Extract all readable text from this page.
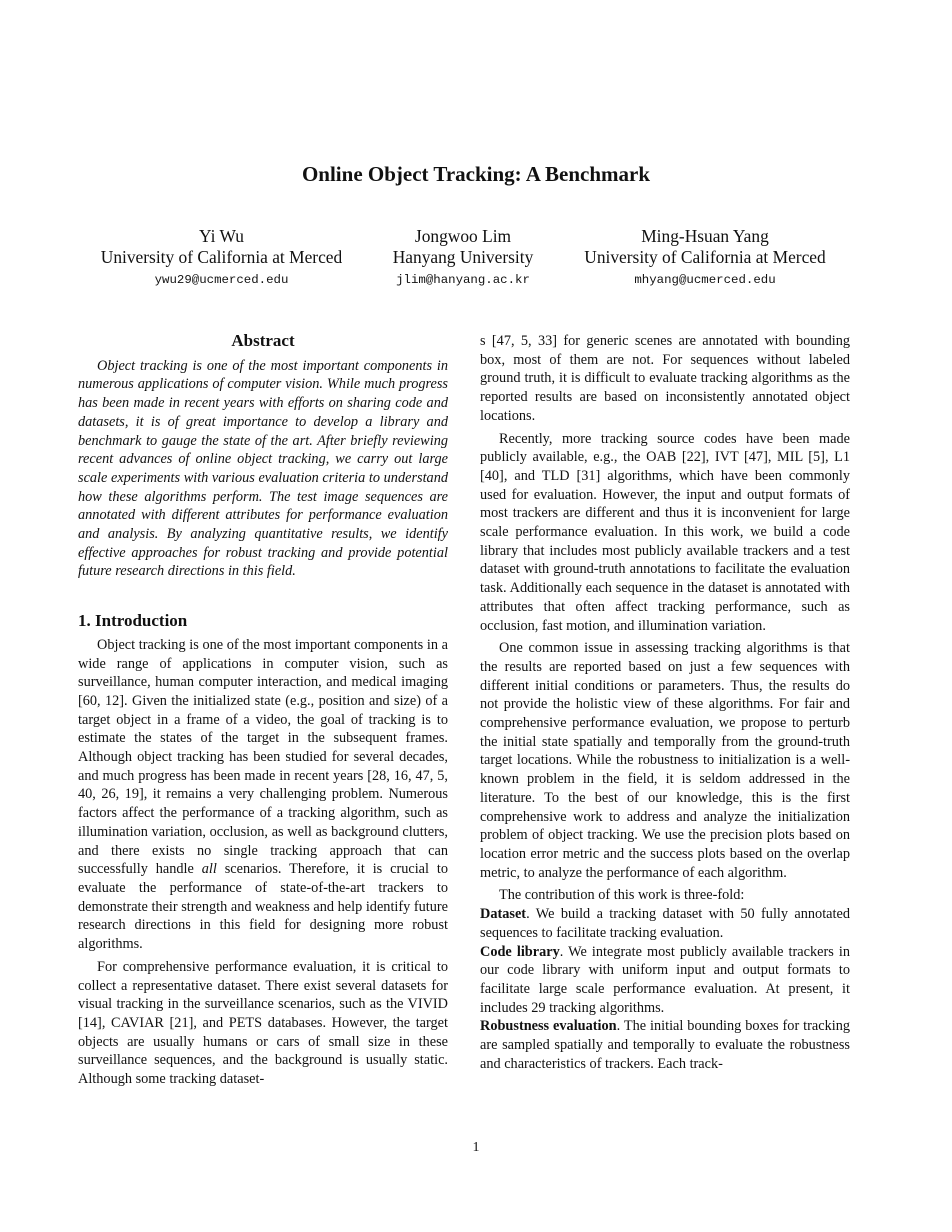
Online Object Tracking: A Benchmark
Yi Wu
University of California at Merced
ywu29@ucmerced.edu
Jongwoo Lim
Hanyang University
jlim@hanyang.ac.kr
Ming-Hsuan Yang
University of California at Merced
mhyang@ucmerced.edu
Abstract

Object tracking is one of the most important components in numerous applications of computer vision. While much progress has been made in recent years with efforts on sharing code and datasets, it is of great importance to develop a library and benchmark to gauge the state of the art. After briefly reviewing recent advances of online object tracking, we carry out large scale experiments with various evaluation criteria to understand how these algorithms perform. The test image sequences are annotated with different attributes for performance evaluation and analysis. By analyzing quantitative results, we identify effective approaches for robust tracking and provide potential future research directions in this field.

1. Introduction

Object tracking is one of the most important components in a wide range of applications in computer vision, such as surveillance, human computer interaction, and medical imaging [60, 12]. Given the initialized state (e.g., position and size) of a target object in a frame of a video, the goal of tracking is to estimate the states of the target in the subsequent frames. Although object tracking has been studied for several decades, and much progress has been made in recent years [28, 16, 47, 5, 40, 26, 19], it remains a very challenging problem. Numerous factors affect the performance of a tracking algorithm, such as illumination variation, occlusion, as well as background clutters, and there exists no single tracking approach that can successfully handle all scenarios. Therefore, it is crucial to evaluate the performance of state-of-the-art trackers to demonstrate their strength and weakness and help identify future research directions in this field for designing more robust algorithms.

For comprehensive performance evaluation, it is critical to collect a representative dataset. There exist several datasets for visual tracking in the surveillance scenarios, such as the VIVID [14], CAVIAR [21], and PETS databases. However, the target objects are usually humans or cars of small size in these surveillance sequences, and the background is usually static. Although some tracking dataset-

s [47, 5, 33] for generic scenes are annotated with bounding box, most of them are not. For sequences without labeled ground truth, it is difficult to evaluate tracking algorithms as the reported results are based on inconsistently annotated object locations.

Recently, more tracking source codes have been made publicly available, e.g., the OAB [22], IVT [47], MIL [5], L1 [40], and TLD [31] algorithms, which have been commonly used for evaluation. However, the input and output formats of most trackers are different and thus it is inconvenient for large scale performance evaluation. In this work, we build a code library that includes most publicly available trackers and a test dataset with ground-truth annotations to facilitate the evaluation task. Additionally each sequence in the dataset is annotated with attributes that often affect tracking performance, such as occlusion, fast motion, and illumination variation.

One common issue in assessing tracking algorithms is that the results are reported based on just a few sequences with different initial conditions or parameters. Thus, the results do not provide the holistic view of these algorithms. For fair and comprehensive performance evaluation, we propose to perturb the initial state spatially and temporally from the ground-truth target locations. While the robustness to initialization is a well-known problem in the field, it is seldom addressed in the literature. To the best of our knowledge, this is the first comprehensive work to address and analyze the initialization problem of object tracking. We use the precision plots based on location error metric and the success plots based on the overlap metric, to analyze the performance of each algorithm.

The contribution of this work is three-fold:

Dataset. We build a tracking dataset with 50 fully annotated sequences to facilitate tracking evaluation.

Code library. We integrate most publicly available trackers in our code library with uniform input and output formats to facilitate large scale performance evaluation. At present, it includes 29 tracking algorithms.

Robustness evaluation. The initial bounding boxes for tracking are sampled spatially and temporally to evaluate the robustness and characteristics of trackers. Each track-

1
